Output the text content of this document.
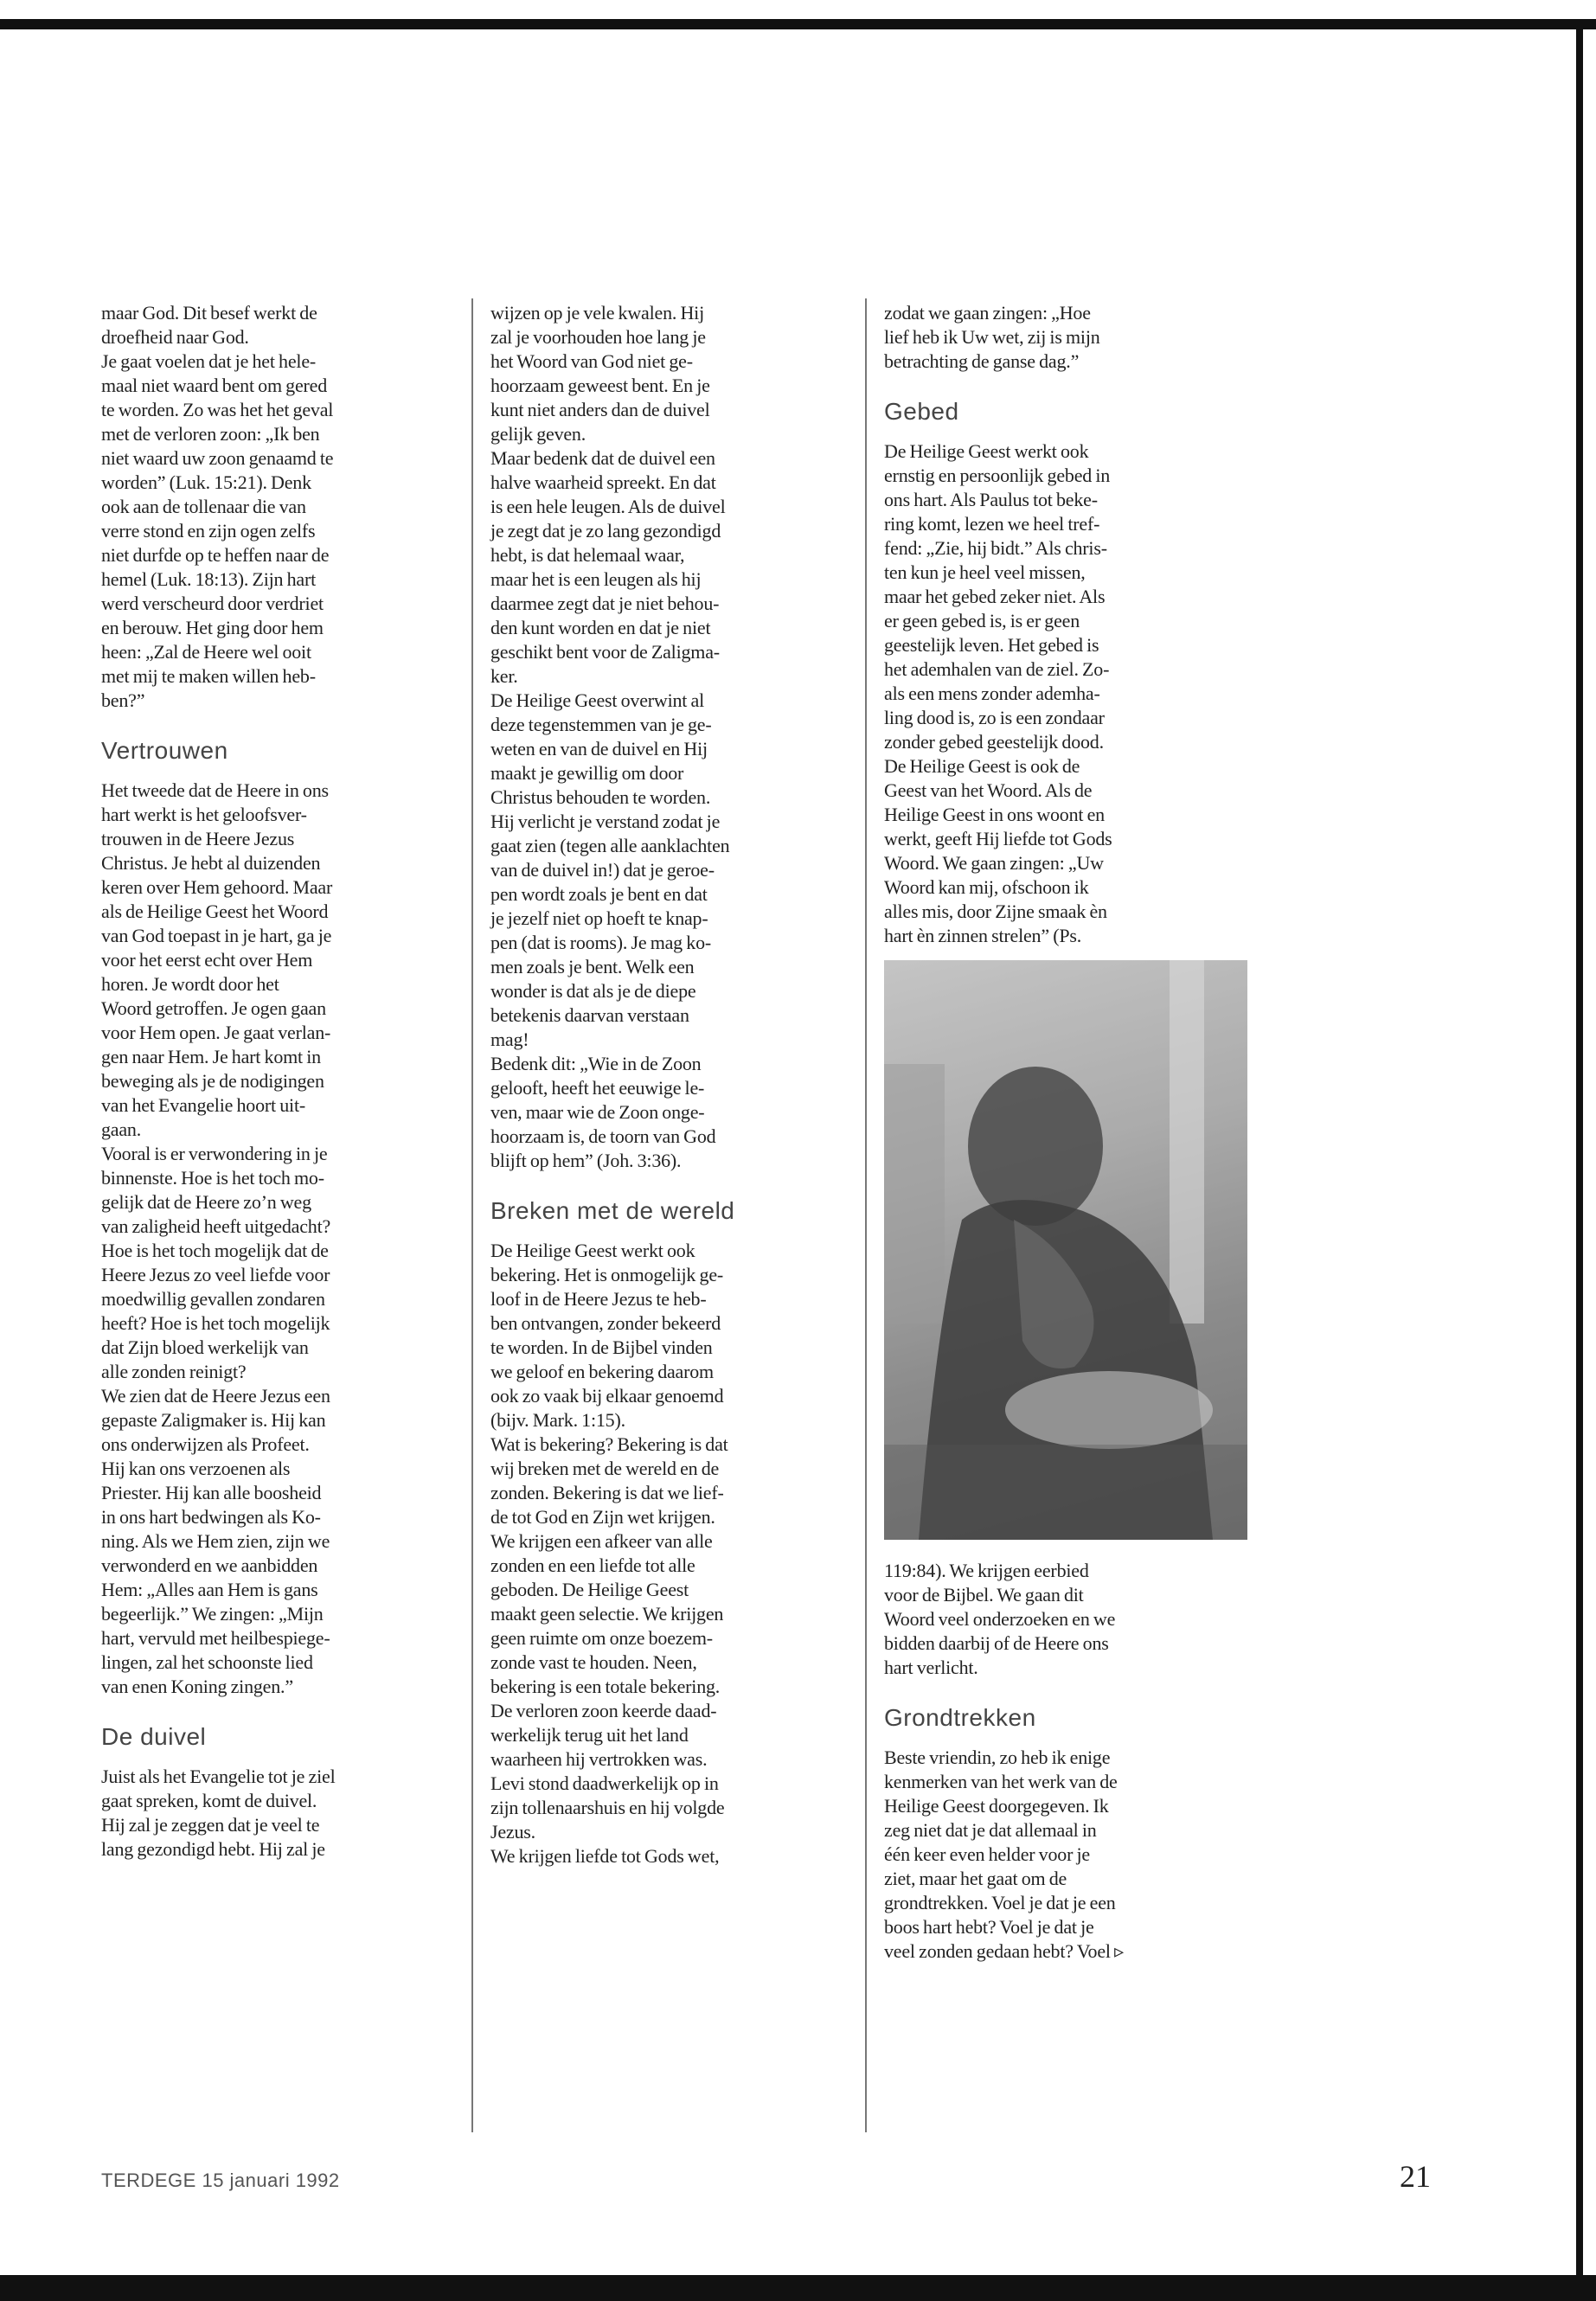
maar God. Dit besef werkt de
droefheid naar God.

Je gaat voelen dat je het hele-
maal niet waard bent om gered
te worden. Zo was het het geval
met de verloren zoon: „Ik ben
niet waard uw zoon genaamd te
worden” (Luk. 15:21). Denk
ook aan de tollenaar die van
verre stond en zijn ogen zelfs
niet durfde op te heffen naar de
hemel (Luk. 18:13). Zijn hart
werd verscheurd door verdriet
en berouw. Het ging door hem
heen: „Zal de Heere wel ooit
met mij te maken willen heb-
ben?”

Vertrouwen

Het tweede dat de Heere in ons
hart werkt is het geloofsver-
trouwen in de Heere Jezus
Christus. Je hebt al duizenden
keren over Hem gehoord. Maar
als de Heilige Geest het Woord
van God toepast in je hart, ga je
voor het eerst echt over Hem
horen. Je wordt door het
Woord getroffen. Je ogen gaan
voor Hem open. Je gaat verlan-
gen naar Hem. Je hart komt in
beweging als je de nodigingen
van het Evangelie hoort uit-
gaan.

Vooral is er verwondering in je
binnenste. Hoe is het toch mo-
gelijk dat de Heere zo’n weg
van zaligheid heeft uitgedacht?
Hoe is het toch mogelijk dat de
Heere Jezus zo veel liefde voor
moedwillig gevallen zondaren
heeft? Hoe is het toch mogelijk
dat Zijn bloed werkelijk van
alle zonden reinigt?

We zien dat de Heere Jezus een
gepaste Zaligmaker is. Hij kan
ons onderwijzen als Profeet.
Hij kan ons verzoenen als
Priester. Hij kan alle boosheid
in ons hart bedwingen als Ko-
ning. Als we Hem zien, zijn we
verwonderd en we aanbidden
Hem: „Alles aan Hem is gans
begeerlijk.” We zingen: „Mijn
hart, vervuld met heilbespiege-
lingen, zal het schoonste lied
van enen Koning zingen.”

De duivel

Juist als het Evangelie tot je ziel
gaat spreken, komt de duivel.
Hij zal je zeggen dat je veel te
lang gezondigd hebt. Hij zal je

wijzen op je vele kwalen. Hij
zal je voorhouden hoe lang je
het Woord van God niet ge-
hoorzaam geweest bent. En je
kunt niet anders dan de duivel
gelijk geven.

Maar bedenk dat de duivel een
halve waarheid spreekt. En dat
is een hele leugen. Als de duivel
je zegt dat je zo lang gezondigd
hebt, is dat helemaal waar,
maar het is een leugen als hij
daarmee zegt dat je niet behou-
den kunt worden en dat je niet
geschikt bent voor de Zaligma-
ker.

De Heilige Geest overwint al
deze tegenstemmen van je ge-
weten en van de duivel en Hij
maakt je gewillig om door
Christus behouden te worden.
Hij verlicht je verstand zodat je
gaat zien (tegen alle aanklachten
van de duivel in!) dat je geroe-
pen wordt zoals je bent en dat
je jezelf niet op hoeft te knap-
pen (dat is rooms). Je mag ko-
men zoals je bent. Welk een
wonder is dat als je de diepe
betekenis daarvan verstaan
mag!

Bedenk dit: „Wie in de Zoon
gelooft, heeft het eeuwige le-
ven, maar wie de Zoon onge-
hoorzaam is, de toorn van God
blijft op hem” (Joh. 3:36).

Breken met de wereld

De Heilige Geest werkt ook
bekering. Het is onmogelijk ge-
loof in de Heere Jezus te heb-
ben ontvangen, zonder bekeerd
te worden. In de Bijbel vinden
we geloof en bekering daarom
ook zo vaak bij elkaar genoemd
(bijv. Mark. 1:15).

Wat is bekering? Bekering is dat
wij breken met de wereld en de
zonden. Bekering is dat we lief-
de tot God en Zijn wet krijgen.
We krijgen een afkeer van alle
zonden en een liefde tot alle
geboden. De Heilige Geest
maakt geen selectie. We krijgen
geen ruimte om onze boezem-
zonde vast te houden. Neen,
bekering is een totale bekering.
De verloren zoon keerde daad-
werkelijk terug uit het land
waarheen hij vertrokken was.
Levi stond daadwerkelijk op in
zijn tollenaarshuis en hij volgde
Jezus.

We krijgen liefde tot Gods wet,

zodat we gaan zingen: „Hoe
lief heb ik Uw wet, zij is mijn
betrachting de ganse dag.”

Gebed

De Heilige Geest werkt ook
ernstig en persoonlijk gebed in
ons hart. Als Paulus tot beke-
ring komt, lezen we heel tref-
fend: „Zie, hij bidt.” Als chris-
ten kun je heel veel missen,
maar het gebed zeker niet. Als
er geen gebed is, is er geen
geestelijk leven. Het gebed is
het ademhalen van de ziel. Zo-
als een mens zonder ademha-
ling dood is, zo is een zondaar
zonder gebed geestelijk dood.

De Heilige Geest is ook de
Geest van het Woord. Als de
Heilige Geest in ons woont en
werkt, geeft Hij liefde tot Gods
Woord. We gaan zingen: „Uw
Woord kan mij, ofschoon ik
alles mis, door Zijne smaak èn
hart èn zinnen strelen” (Ps.

119:84). We krijgen eerbied
voor de Bijbel. We gaan dit
Woord veel onderzoeken en we
bidden daarbij of de Heere ons
hart verlicht.

Grondtrekken

Beste vriendin, zo heb ik enige
kenmerken van het werk van de
Heilige Geest doorgegeven. Ik
zeg niet dat je dat allemaal in
één keer even helder voor je
ziet, maar het gaat om de
grondtrekken. Voel je dat je een
boos hart hebt? Voel je dat je
veel zonden gedaan hebt? Voel ▹

TERDEGE 15 januari 1992	21
